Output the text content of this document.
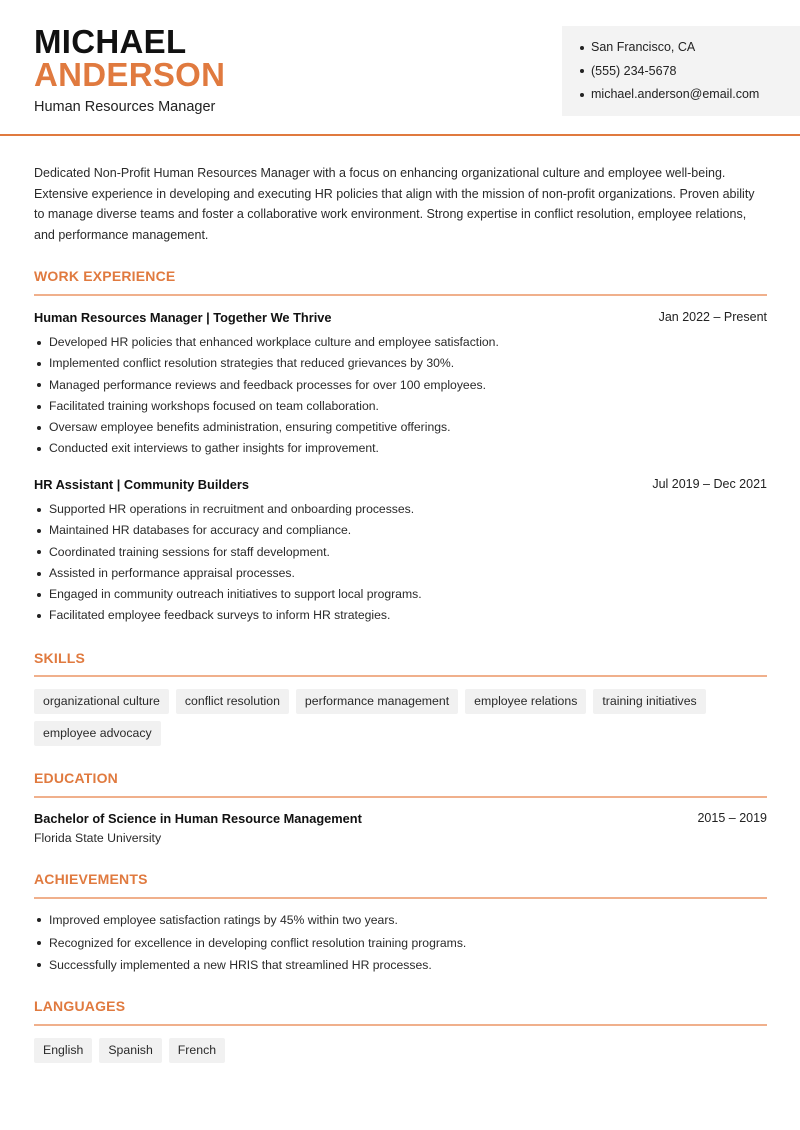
MICHAEL
ANDERSON
Human Resources Manager
San Francisco, CA
(555) 234-5678
michael.anderson@email.com

Dedicated Non-Profit Human Resources Manager with a focus on enhancing organizational culture and employee well-being. Extensive experience in developing and executing HR policies that align with the mission of non-profit organizations. Proven ability to manage diverse teams and foster a collaborative work environment. Strong expertise in conflict resolution, employee relations, and performance management.

WORK EXPERIENCE
Human Resources Manager | Together We Thrive	Jan 2022 – Present
Developed HR policies that enhanced workplace culture and employee satisfaction.
Implemented conflict resolution strategies that reduced grievances by 30%.
Managed performance reviews and feedback processes for over 100 employees.
Facilitated training workshops focused on team collaboration.
Oversaw employee benefits administration, ensuring competitive offerings.
Conducted exit interviews to gather insights for improvement.
HR Assistant | Community Builders	Jul 2019 – Dec 2021
Supported HR operations in recruitment and onboarding processes.
Maintained HR databases for accuracy and compliance.
Coordinated training sessions for staff development.
Assisted in performance appraisal processes.
Engaged in community outreach initiatives to support local programs.
Facilitated employee feedback surveys to inform HR strategies.
SKILLS
organizational culture	conflict resolution	performance management	employee relations	training initiatives
employee advocacy
EDUCATION
Bachelor of Science in Human Resource Management	2015 – 2019
Florida State University
ACHIEVEMENTS
Improved employee satisfaction ratings by 45% within two years.
Recognized for excellence in developing conflict resolution training programs.
Successfully implemented a new HRIS that streamlined HR processes.
LANGUAGES
English	Spanish	French
